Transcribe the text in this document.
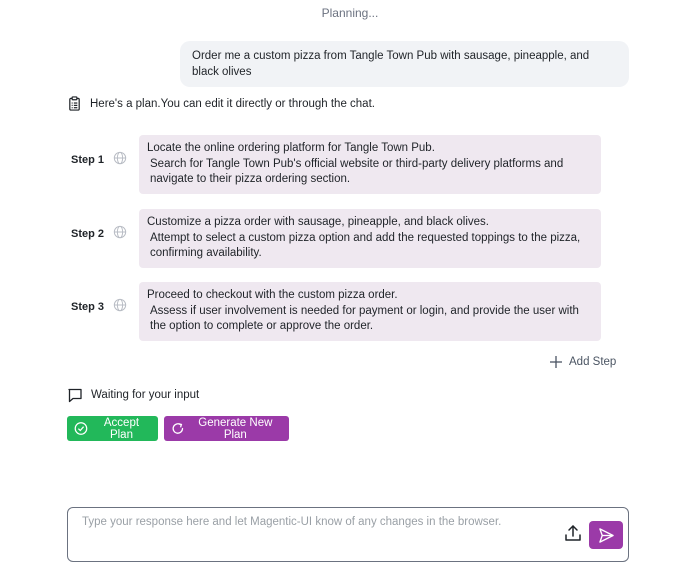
Planning...
Order me a custom pizza from Tangle Town Pub with sausage, pineapple, and black olives
Here's a plan.You can edit it directly or through the chat.
Step 1
Locate the online ordering platform for Tangle Town Pub.
Search for Tangle Town Pub's official website or third-party delivery platforms and navigate to their pizza ordering section.
Step 2
Customize a pizza order with sausage, pineapple, and black olives.
Attempt to select a custom pizza option and add the requested toppings to the pizza, confirming availability.
Step 3
Proceed to checkout with the custom pizza order.
Assess if user involvement is needed for payment or login, and provide the user with the option to complete or approve the order.
Add Step
Waiting for your input
Accept Plan
Generate New Plan
Type your response here and let Magentic-UI know of any changes in the browser.
